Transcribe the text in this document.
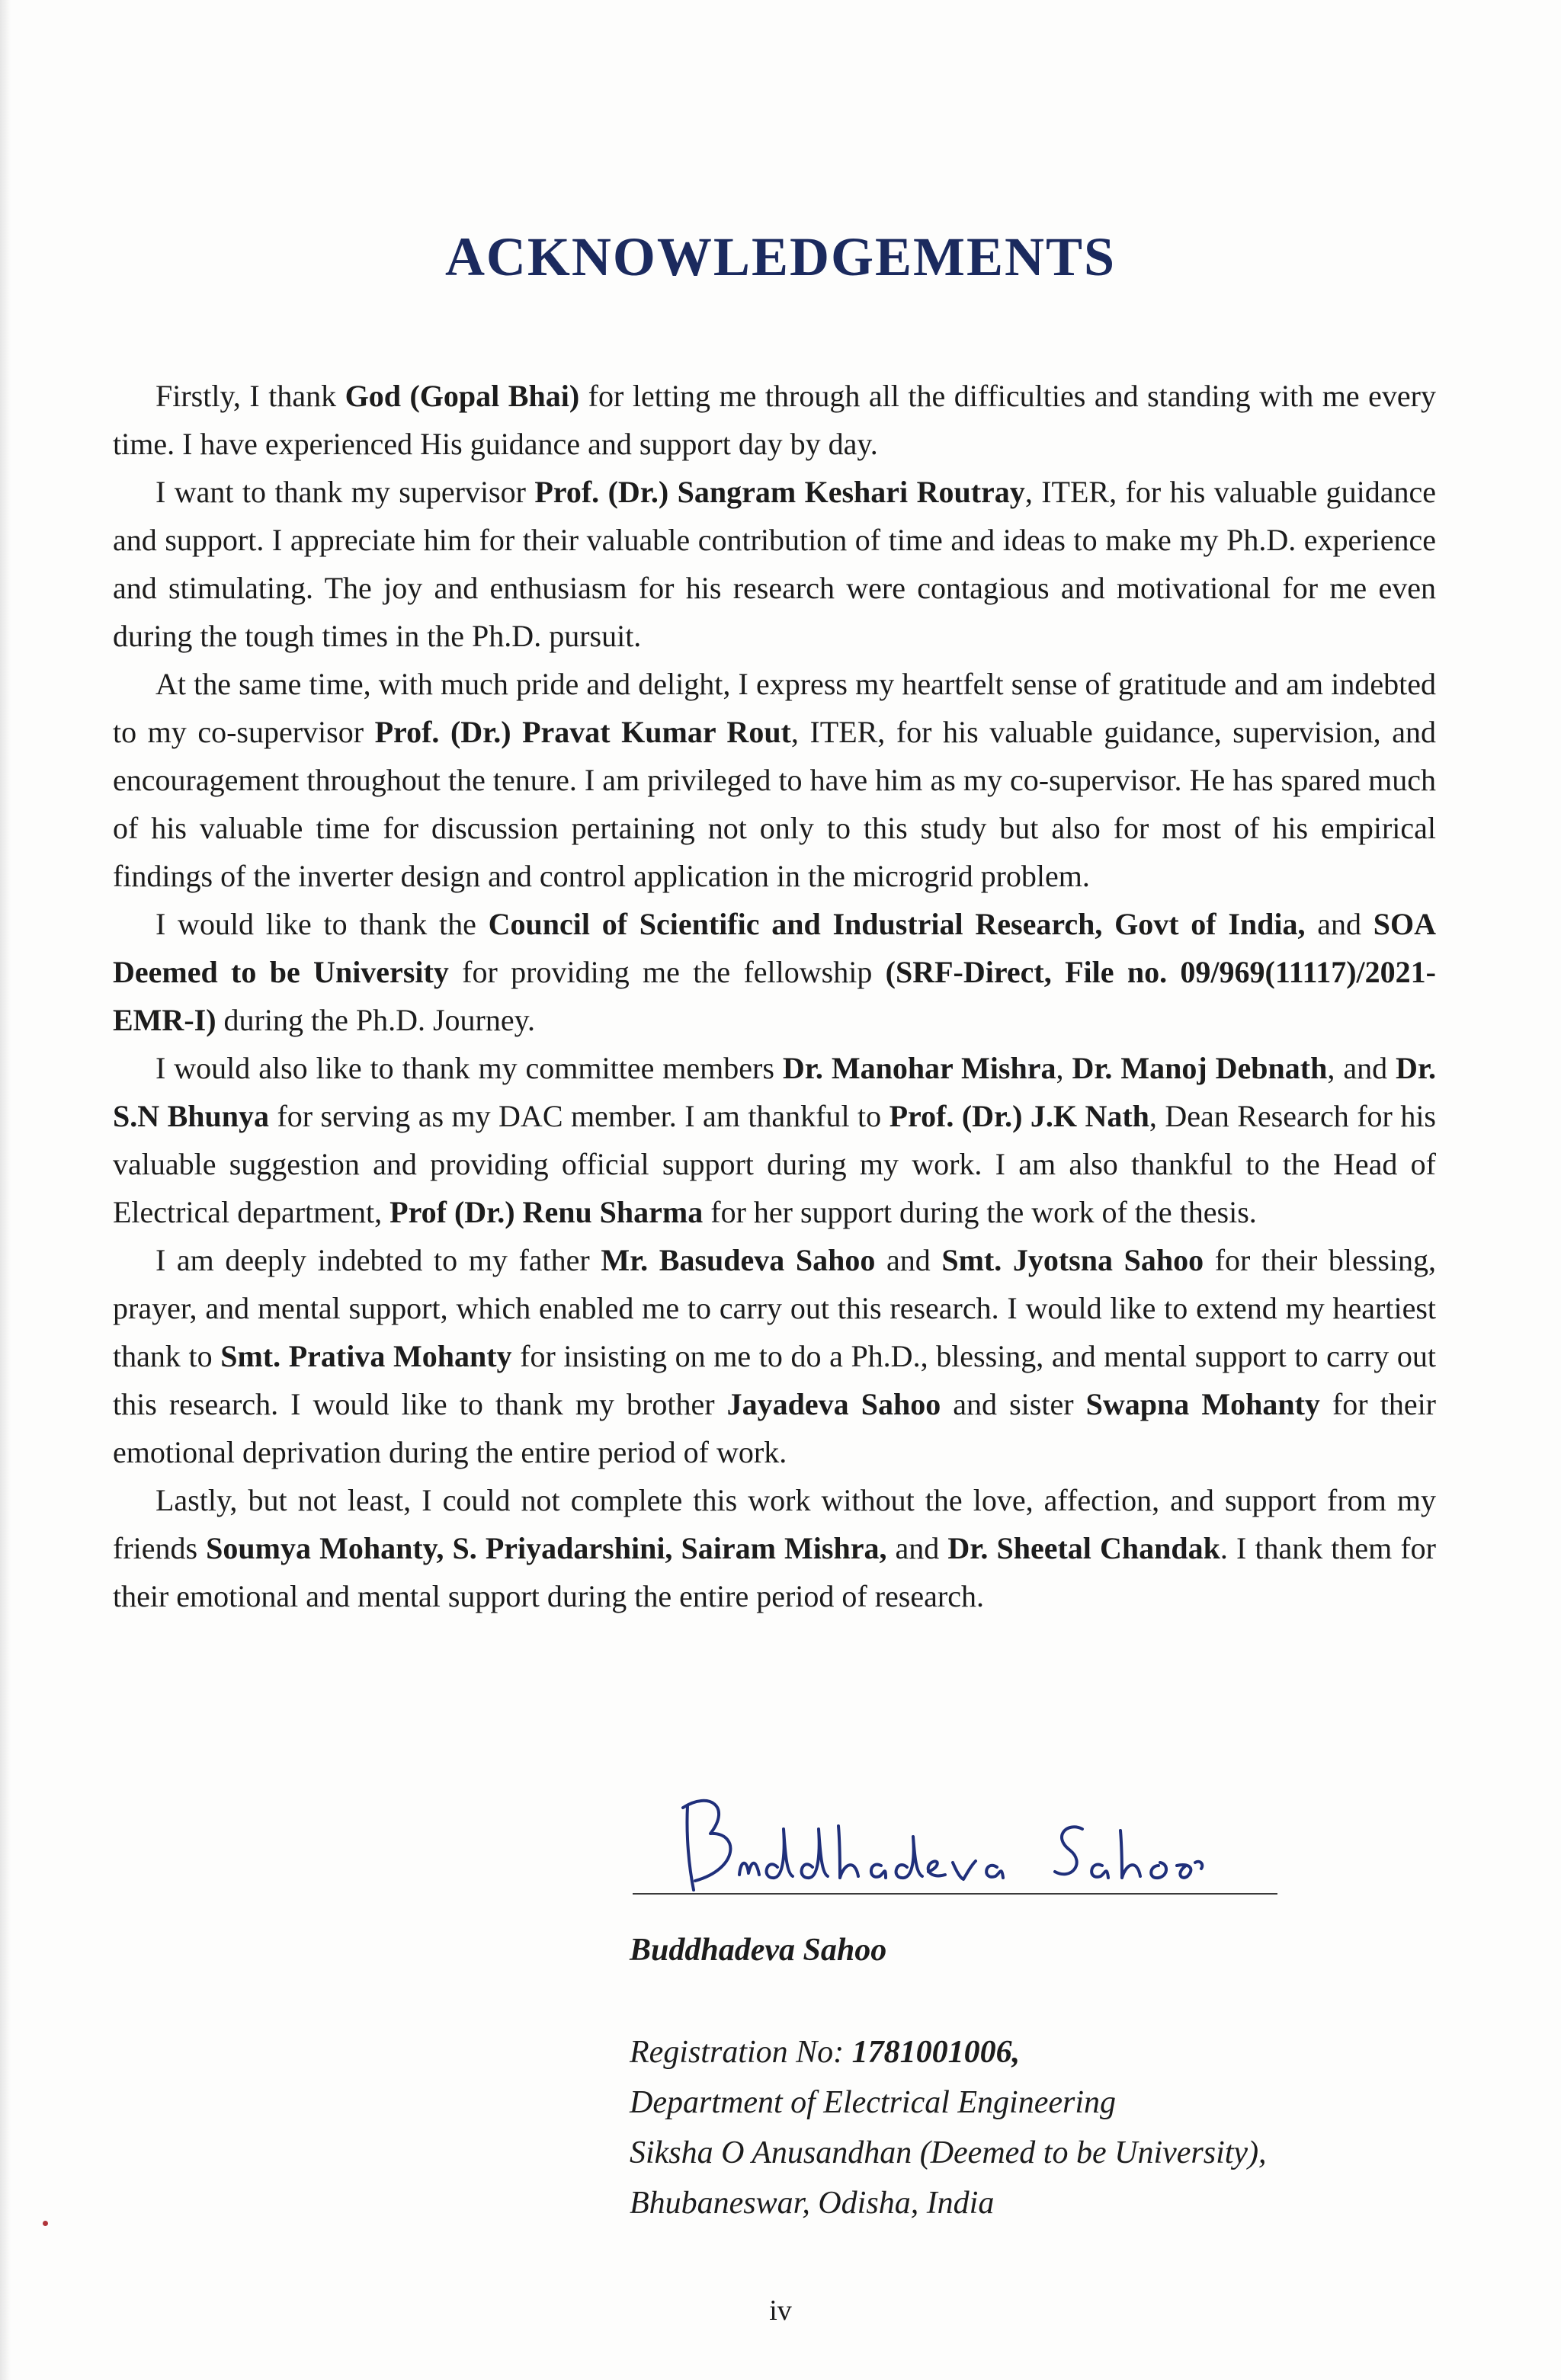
ACKNOWLEDGEMENTS

Firstly, I thank God (Gopal Bhai) for letting me through all the difficulties and standing with me every time. I have experienced His guidance and support day by day.

I want to thank my supervisor Prof. (Dr.) Sangram Keshari Routray, ITER, for his valuable guidance and support. I appreciate him for their valuable contribution of time and ideas to make my Ph.D. experience and stimulating. The joy and enthusiasm for his research were contagious and motivational for me even during the tough times in the Ph.D. pursuit.

At the same time, with much pride and delight, I express my heartfelt sense of gratitude and am indebted to my co-supervisor Prof. (Dr.) Pravat Kumar Rout, ITER, for his valuable guidance, supervision, and encouragement throughout the tenure. I am privileged to have him as my co-supervisor. He has spared much of his valuable time for discussion pertaining not only to this study but also for most of his empirical findings of the inverter design and control application in the microgrid problem.

I would like to thank the Council of Scientific and Industrial Research, Govt of India, and SOA Deemed to be University for providing me the fellowship (SRF-Direct, File no. 09/969(11117)/2021-EMR-I) during the Ph.D. Journey.

I would also like to thank my committee members Dr. Manohar Mishra, Dr. Manoj Debnath, and Dr. S.N Bhunya for serving as my DAC member. I am thankful to Prof. (Dr.) J.K Nath, Dean Research for his valuable suggestion and providing official support during my work. I am also thankful to the Head of Electrical department, Prof (Dr.) Renu Sharma for her support during the work of the thesis.

I am deeply indebted to my father Mr. Basudeva Sahoo and Smt. Jyotsna Sahoo for their blessing, prayer, and mental support, which enabled me to carry out this research. I would like to extend my heartiest thank to Smt. Prativa Mohanty for insisting on me to do a Ph.D., blessing, and mental support to carry out this research. I would like to thank my brother Jayadeva Sahoo and sister Swapna Mohanty for their emotional deprivation during the entire period of work.

Lastly, but not least, I could not complete this work without the love, affection, and support from my friends Soumya Mohanty, S. Priyadarshini, Sairam Mishra, and Dr. Sheetal Chandak. I thank them for their emotional and mental support during the entire period of research.

Buddhadeva Sahoo
Registration No: 1781001006,
Department of Electrical Engineering
Siksha O Anusandhan (Deemed to be University),
Bhubaneswar, Odisha, India
iv
